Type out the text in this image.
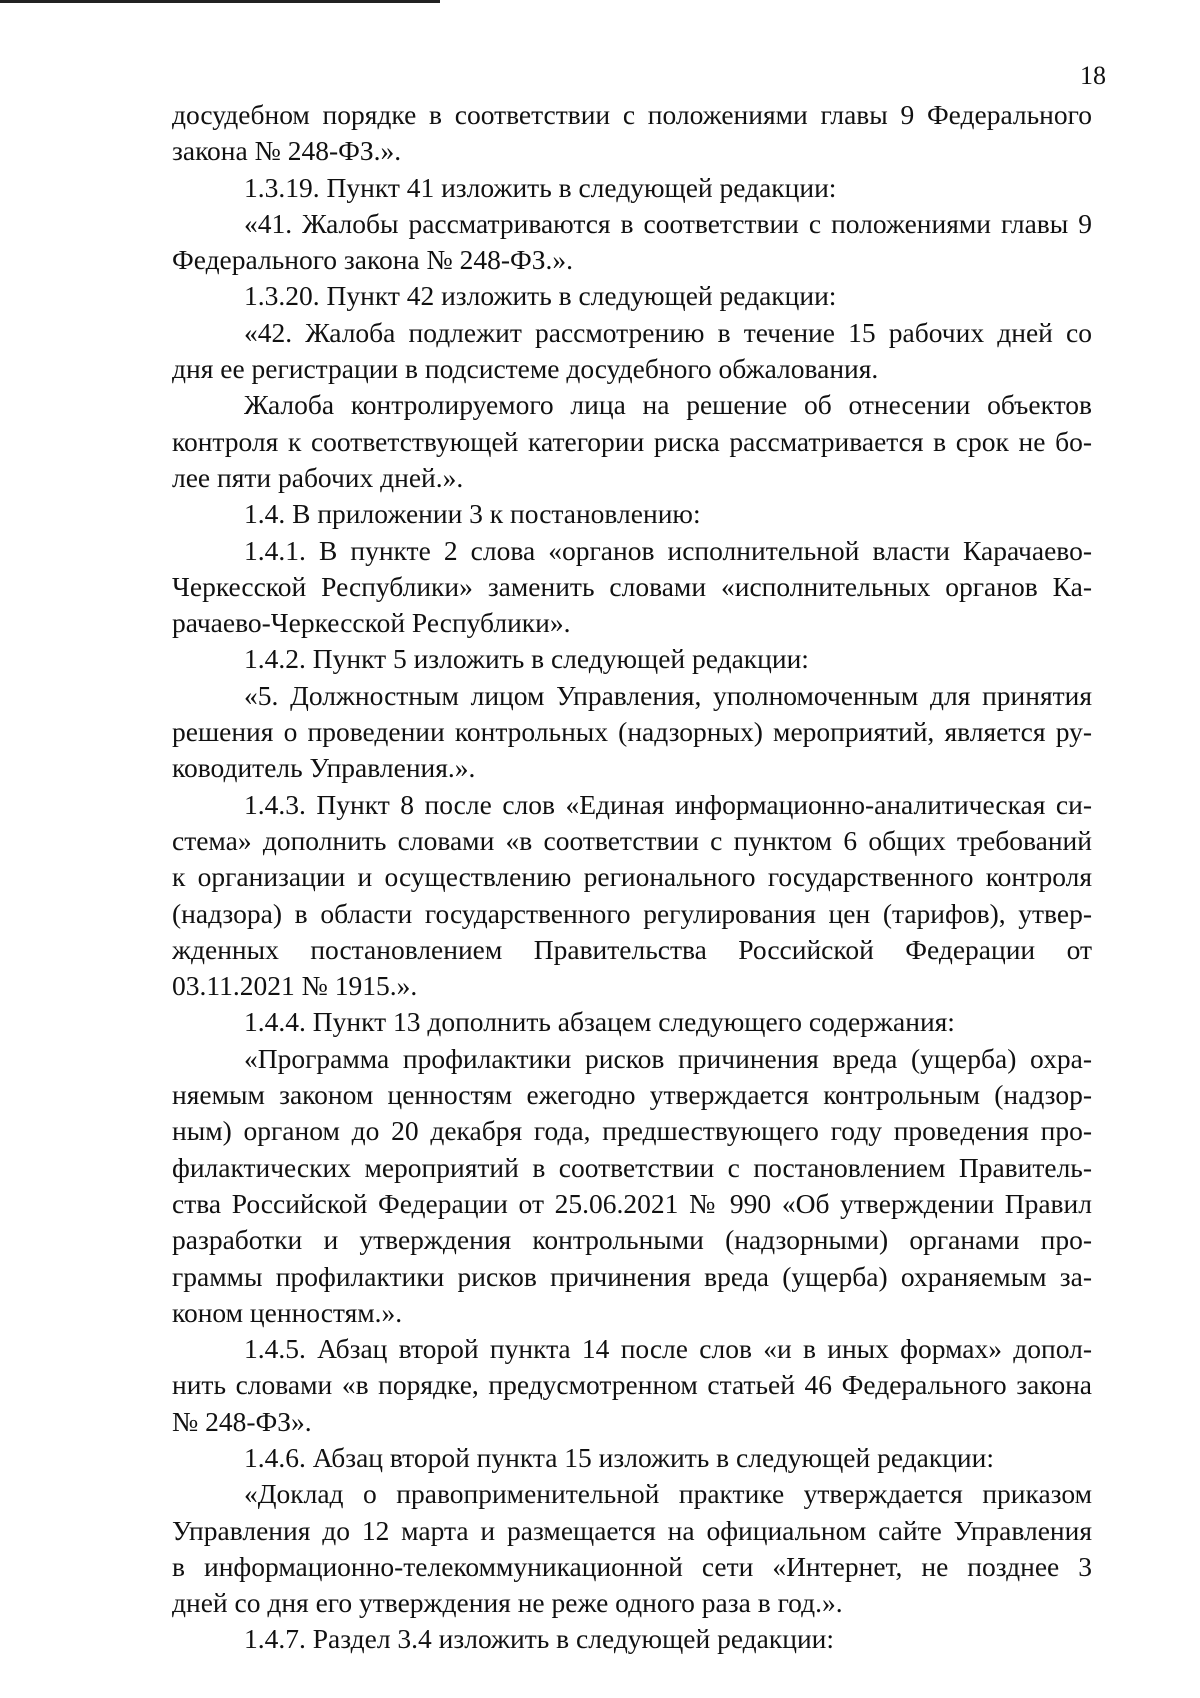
18
досудебном порядке в соответствии с положениями главы 9 Федерального
закона № 248-ФЗ.».
1.3.19. Пункт 41 изложить в следующей редакции:
«41. Жалобы рассматриваются в соответствии с положениями главы 9
Федерального закона № 248-ФЗ.».
1.3.20. Пункт 42 изложить в следующей редакции:
«42. Жалоба подлежит рассмотрению в течение 15 рабочих дней со
дня ее регистрации в подсистеме досудебного обжалования.
Жалоба контролируемого лица на решение об отнесении объектов
контроля к соответствующей категории риска рассматривается в срок не бо-
лее пяти рабочих дней.».
1.4. В приложении 3 к постановлению:
1.4.1. В пункте 2 слова «органов исполнительной власти Карачаево-
Черкесской Республики» заменить словами «исполнительных органов Ка-
рачаево-Черкесской Республики».
1.4.2. Пункт 5 изложить в следующей редакции:
«5. Должностным лицом Управления, уполномоченным для принятия
решения о проведении контрольных (надзорных) мероприятий, является ру-
ководитель Управления.».
1.4.3. Пункт 8 после слов «Единая информационно-аналитическая си-
стема» дополнить словами «в соответствии с пунктом 6 общих требований
к организации и осуществлению регионального государственного контроля
(надзора) в области государственного регулирования цен (тарифов), утвер-
жденных постановлением Правительства Российской Федерации от
03.11.2021 № 1915.».
1.4.4. Пункт 13 дополнить абзацем следующего содержания:
«Программа профилактики рисков причинения вреда (ущерба) охра-
няемым законом ценностям ежегодно утверждается контрольным (надзор-
ным) органом до 20 декабря года, предшествующего году проведения про-
филактических мероприятий в соответствии с постановлением Правитель-
ства Российской Федерации от 25.06.2021 № 990 «Об утверждении Правил
разработки и утверждения контрольными (надзорными) органами про-
граммы профилактики рисков причинения вреда (ущерба) охраняемым за-
коном ценностям.».
1.4.5. Абзац второй пункта 14 после слов «и в иных формах» допол-
нить словами «в порядке, предусмотренном статьей 46 Федерального закона
№ 248-ФЗ».
1.4.6. Абзац второй пункта 15 изложить в следующей редакции:
«Доклад о правоприменительной практике утверждается приказом
Управления до 12 марта и размещается на официальном сайте Управления
в информационно-телекоммуникационной сети «Интернет, не позднее 3
дней со дня его утверждения не реже одного раза в год.».
1.4.7. Раздел 3.4 изложить в следующей редакции:
